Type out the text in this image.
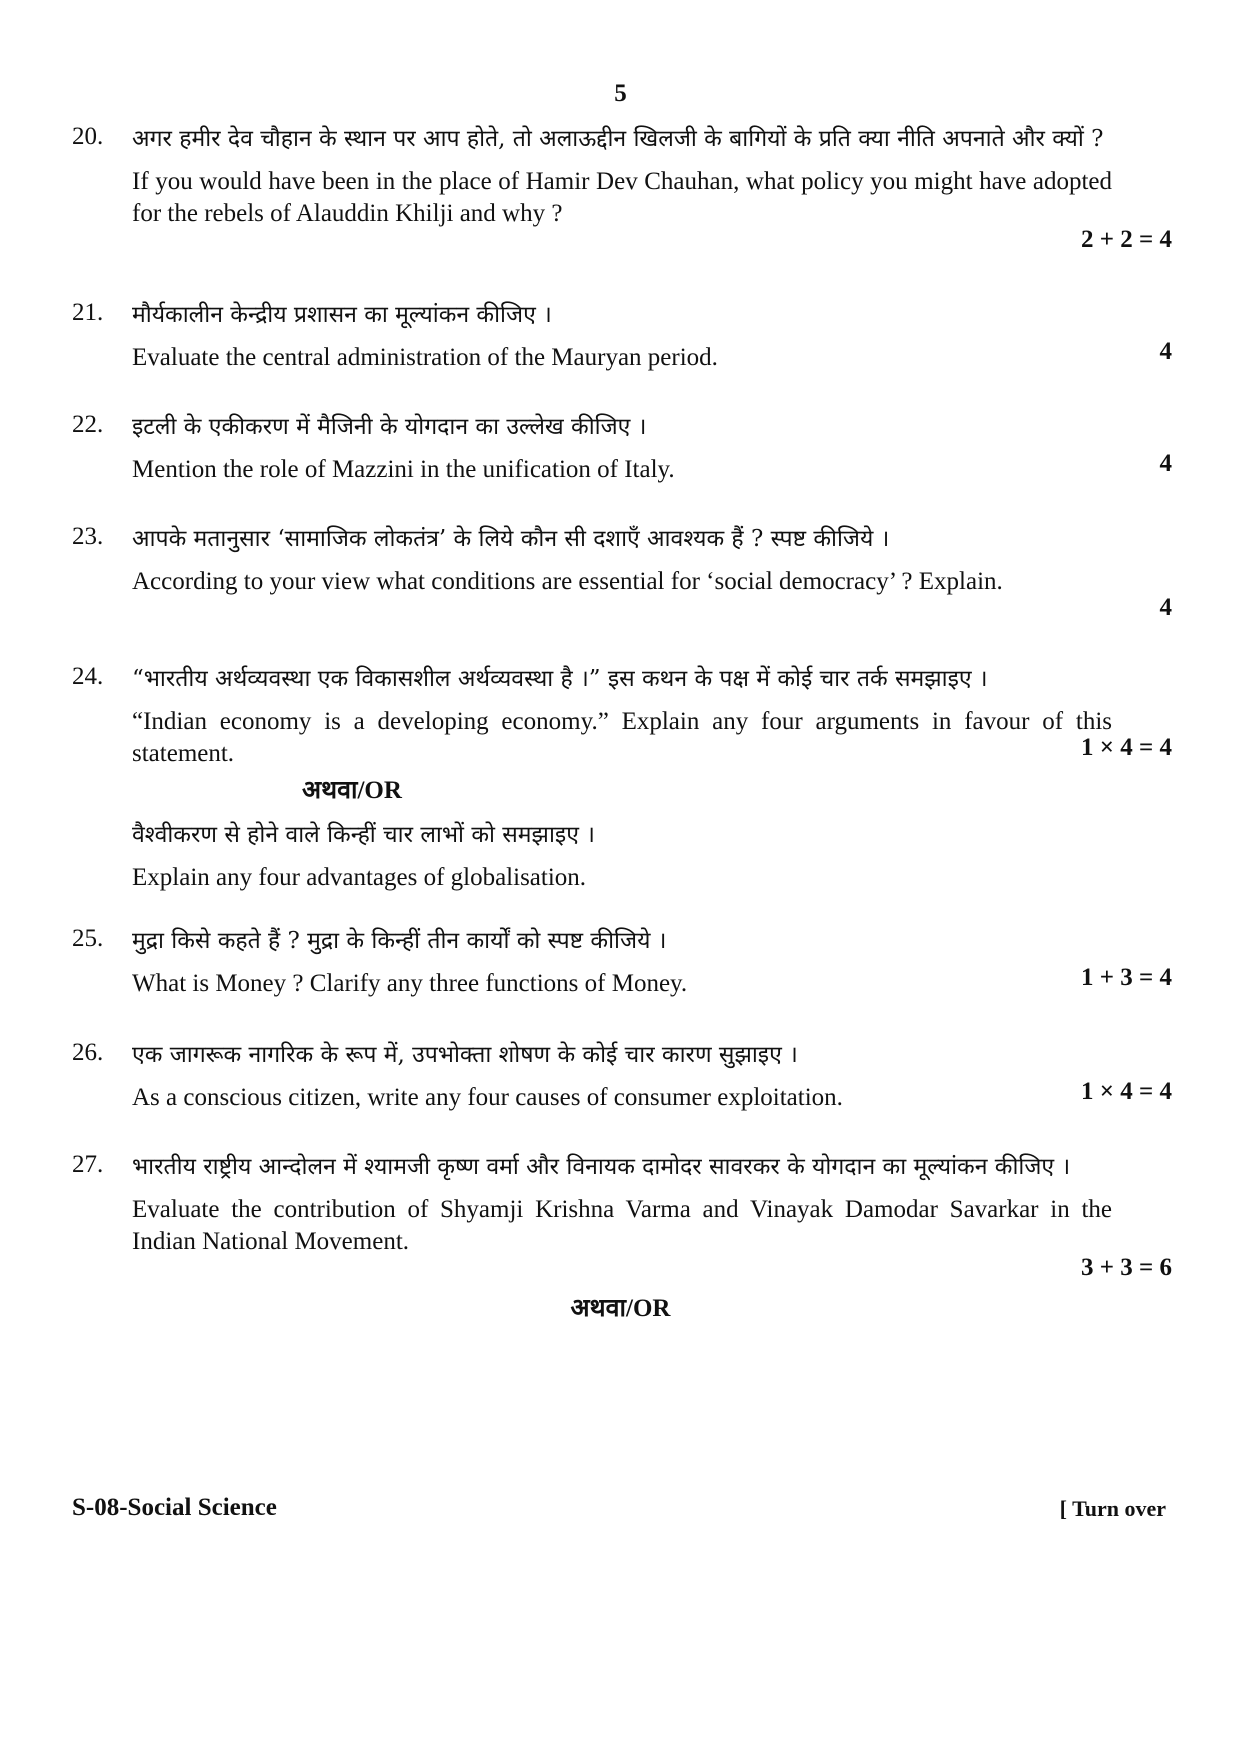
5
20.	अगर हमीर देव चौहान के स्थान पर आप होते, तो अलाऊद्दीन खिलजी के बागियों के प्रति क्या नीति अपनाते और क्यों ?

If you would have been in the place of Hamir Dev Chauhan, what policy you might have adopted for the rebels of Alauddin Khilji and why ?

2 + 2 = 4
21.	मौर्यकालीन केन्द्रीय प्रशासन का मूल्यांकन कीजिए ।

Evaluate the central administration of the Mauryan period.	4
22.	इटली के एकीकरण में मैजिनी के योगदान का उल्लेख कीजिए ।

Mention the role of Mazzini in the unification of Italy.	4
23.	आपके मतानुसार ‘सामाजिक लोकतंत्र’ के लिये कौन सी दशाएँ आवश्यक हैं ? स्पष्ट कीजिये ।

According to your view what conditions are essential for ‘social democracy’ ? Explain.

4
24.	“भारतीय अर्थव्यवस्था एक विकासशील अर्थव्यवस्था है ।” इस कथन के पक्ष में कोई चार तर्क समझाइए ।

“Indian economy is a developing economy.” Explain any four arguments in favour of this statement.	1 × 4 = 4
अथवा/OR

वैश्वीकरण से होने वाले किन्हीं चार लाभों को समझाइए ।

Explain any four advantages of globalisation.

25.	मुद्रा किसे कहते हैं ? मुद्रा के किन्हीं तीन कार्यों को स्पष्ट कीजिये ।

What is Money ? Clarify any three functions of Money.	1 + 3 = 4
26.	एक जागरूक नागरिक के रूप में, उपभोक्ता शोषण के कोई चार कारण सुझाइए ।

As a conscious citizen, write any four causes of consumer exploitation.	1 × 4 = 4
27.	भारतीय राष्ट्रीय आन्दोलन में श्यामजी कृष्ण वर्मा और विनायक दामोदर सावरकर के योगदान का मूल्यांकन कीजिए ।

Evaluate the contribution of Shyamji Krishna Varma and Vinayak Damodar Savarkar in the Indian National Movement.

3 + 3 = 6
अथवा/OR
S-08-Social Science	[ Turn over
